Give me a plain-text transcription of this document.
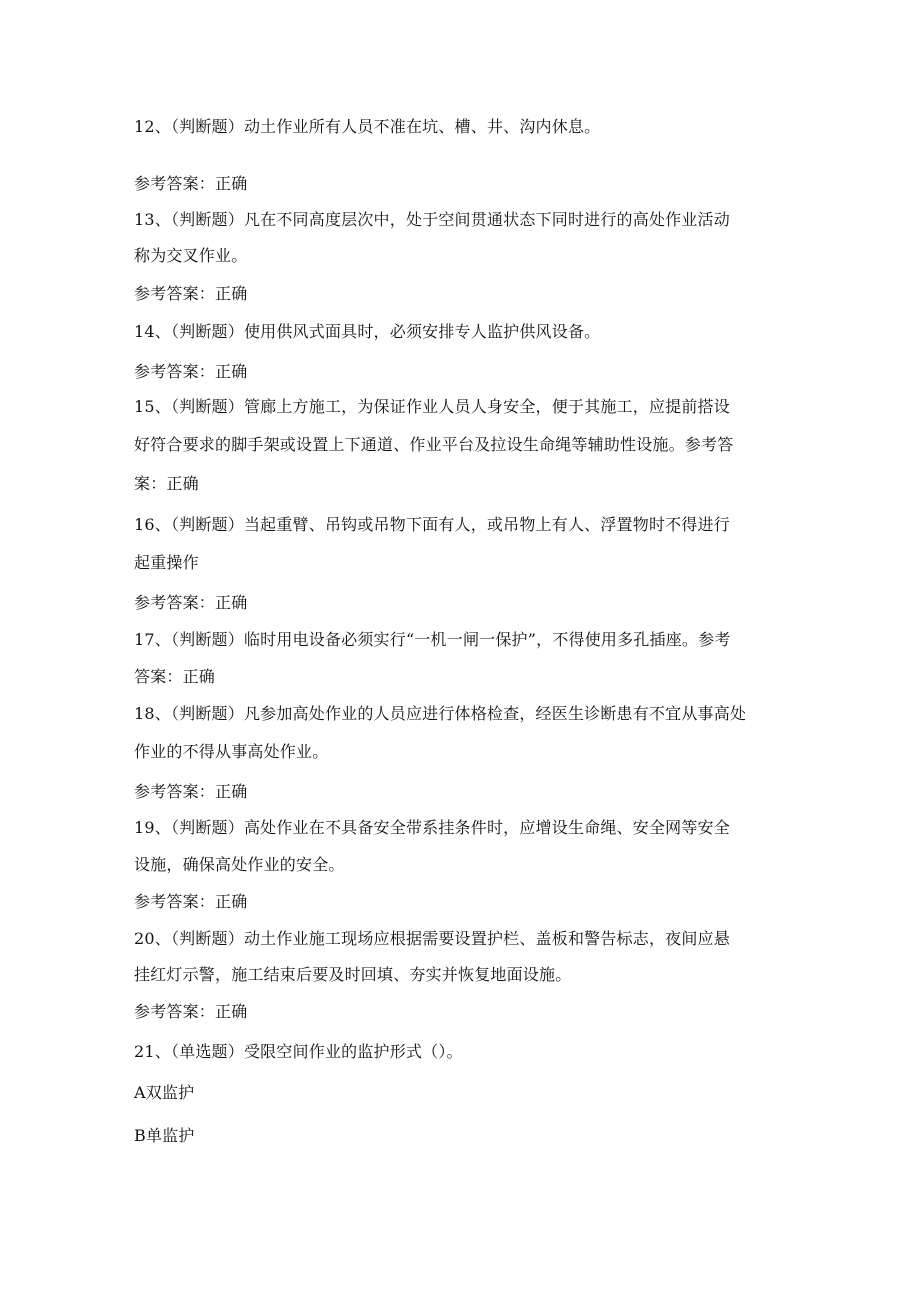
12、（判断题）动土作业所有人员不准在坑、槽、井、沟内休息。
参考答案：正确
13、（判断题）凡在不同高度层次中，处于空间贯通状态下同时进行的高处作业活动
称为交叉作业。
参考答案：正确
14、（判断题）使用供风式面具时，必须安排专人监护供风设备。
参考答案：正确
15、（判断题）管廊上方施工，为保证作业人员人身安全，便于其施工，应提前搭设
好符合要求的脚手架或设置上下通道、作业平台及拉设生命绳等辅助性设施。参考答
案：正确
16、（判断题）当起重臂、吊钩或吊物下面有人，或吊物上有人、浮置物时不得进行
起重操作
参考答案：正确
17、（判断题）临时用电设备必须实行“一机一闸一保护”，不得使用多孔插座。参考
答案：正确
18、（判断题）凡参加高处作业的人员应进行体格检查，经医生诊断患有不宜从事高处
作业的不得从事高处作业。
参考答案：正确
19、（判断题）高处作业在不具备安全带系挂条件时，应增设生命绳、安全网等安全
设施，确保高处作业的安全。
参考答案：正确
20、（判断题）动土作业施工现场应根据需要设置护栏、盖板和警告标志，夜间应悬
挂红灯示警，施工结束后要及时回填、夯实并恢复地面设施。
参考答案：正确
21、（单选题）受限空间作业的监护形式（）。
A双监护
B单监护
